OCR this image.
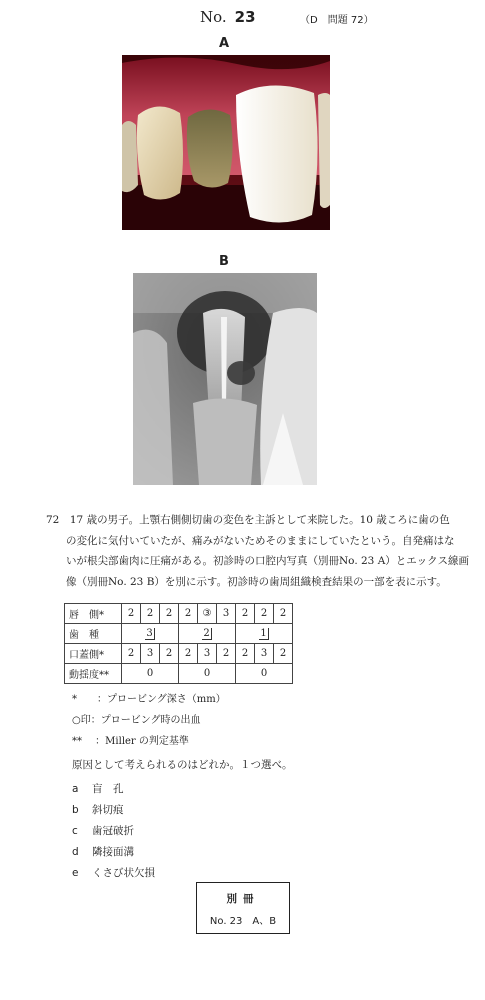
No. 23	（D　問題 72）
A
B
72　 17 歳の男子。上顎右側側切歯の変色を主訴として来院した。10 歳ころに歯の色
の変化に気付いていたが、痛みがないためそのままにしていたという。自発痛はな
いが根尖部歯肉に圧痛がある。初診時の口腔内写真（別冊No. 23 A）とエックス線画
像（別冊No. 23 B）を別に示す。初診時の歯周組織検査結果の一部を表に示す。
唇　側*	2	2	2	2	③	3	2	2	2
歯　種	3			2			1		
口蓋側*	2	3	2	2	3	2	2	3	2
動揺度**	0			0			0		
*　　：プロービング深さ（mm）
○印：プロービング時の出血
**　 ：Miller の判定基準
原因として考えられるのはどれか。１つ選べ。
a 盲　孔
b 斜切痕
c 歯冠破折
d 隣接面溝
e くさび状欠損
別冊
No. 23　A、B
